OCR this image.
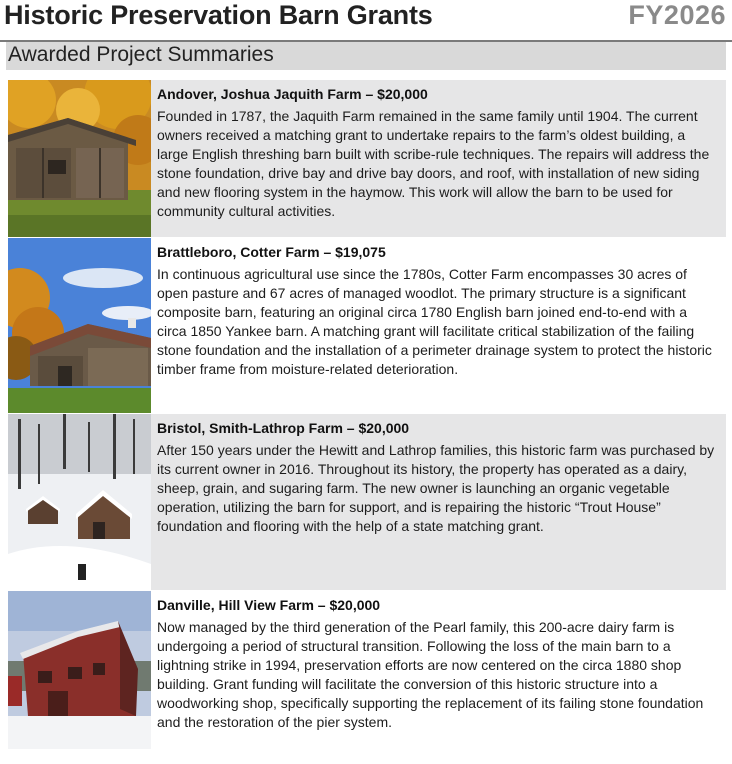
Historic Preservation Barn Grants	FY2026
Awarded Project Summaries
Andover, Joshua Jaquith Farm – $20,000

Founded in 1787, the Jaquith Farm remained in the same family until 1904. The current owners received a matching grant to undertake repairs to the farm’s oldest building, a large English threshing barn built with scribe-rule techniques. The repairs will address the stone foundation, drive bay and drive bay doors, and roof, with installation of new siding and new flooring system in the haymow. This work will allow the barn to be used for community cultural activities.

Brattleboro, Cotter Farm – $19,075

In continuous agricultural use since the 1780s, Cotter Farm encompasses 30 acres of open pasture and 67 acres of managed woodlot. The primary structure is a significant composite barn, featuring an original circa 1780 English barn joined end-to-end with a circa 1850 Yankee barn. A matching grant will facilitate critical stabilization of the failing stone foundation and the installation of a perimeter drainage system to protect the historic timber frame from moisture-related deterioration.

Bristol, Smith-Lathrop Farm – $20,000

After 150 years under the Hewitt and Lathrop families, this historic farm was purchased by its current owner in 2016. Throughout its history, the property has operated as a dairy, sheep, grain, and sugaring farm. The new owner is launching an organic vegetable operation, utilizing the barn for support, and is repairing the historic “Trout House” foundation and flooring with the help of a state matching grant.

Danville, Hill View Farm – $20,000

Now managed by the third generation of the Pearl family, this 200-acre dairy farm is undergoing a period of structural transition. Following the loss of the main barn to a lightning strike in 1994, preservation efforts are now centered on the circa 1880 shop building. Grant funding will facilitate the conversion of this historic structure into a woodworking shop, specifically supporting the replacement of its failing stone foundation and the restoration of the pier system.
